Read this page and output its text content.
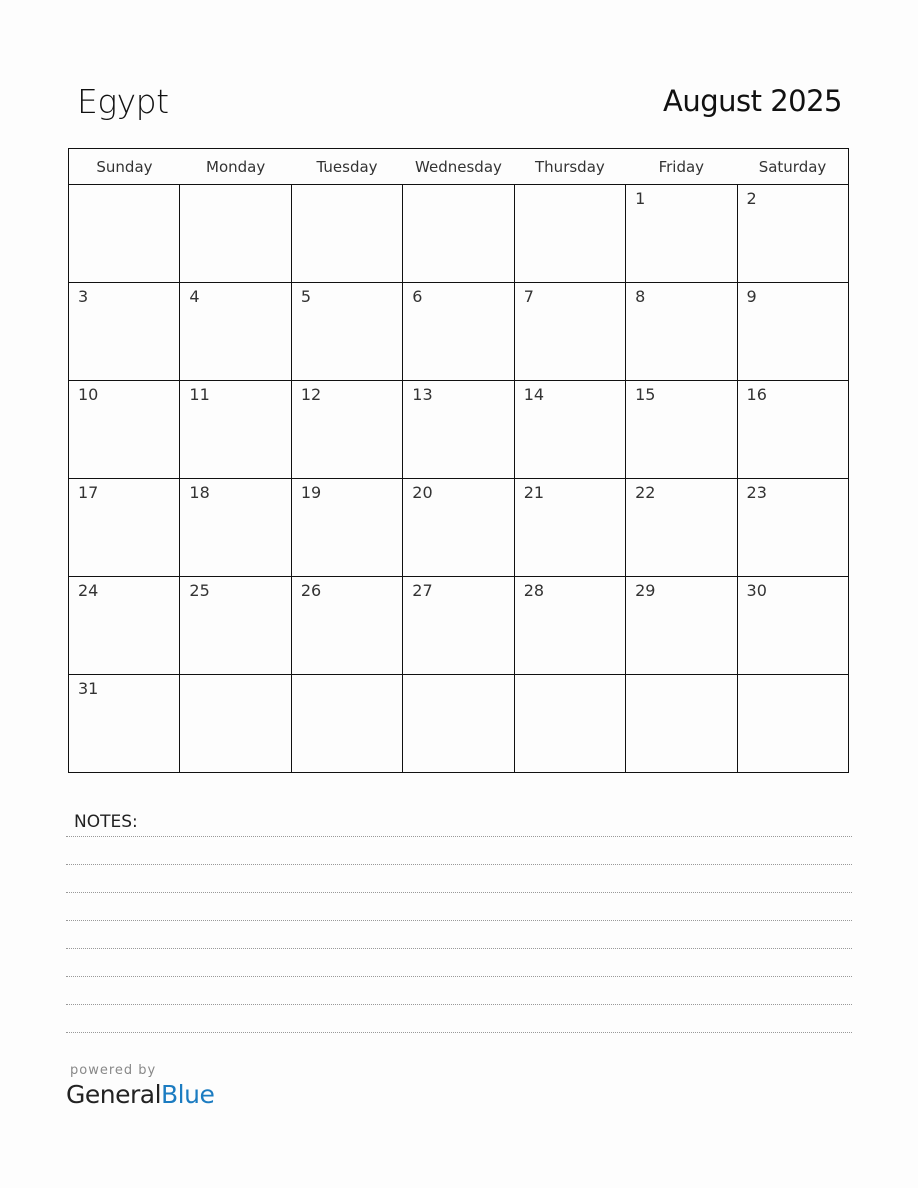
Egypt	August 2025
Sunday	Monday	Tuesday	Wednesday	Thursday	Friday	Saturday

					1	2

3	4	5	6	7	8	9

10	11	12	13	14	15	16

17	18	19	20	21	22	23

24	25	26	27	28	29	30

31						

NOTES:
powered by
GeneralBlue
